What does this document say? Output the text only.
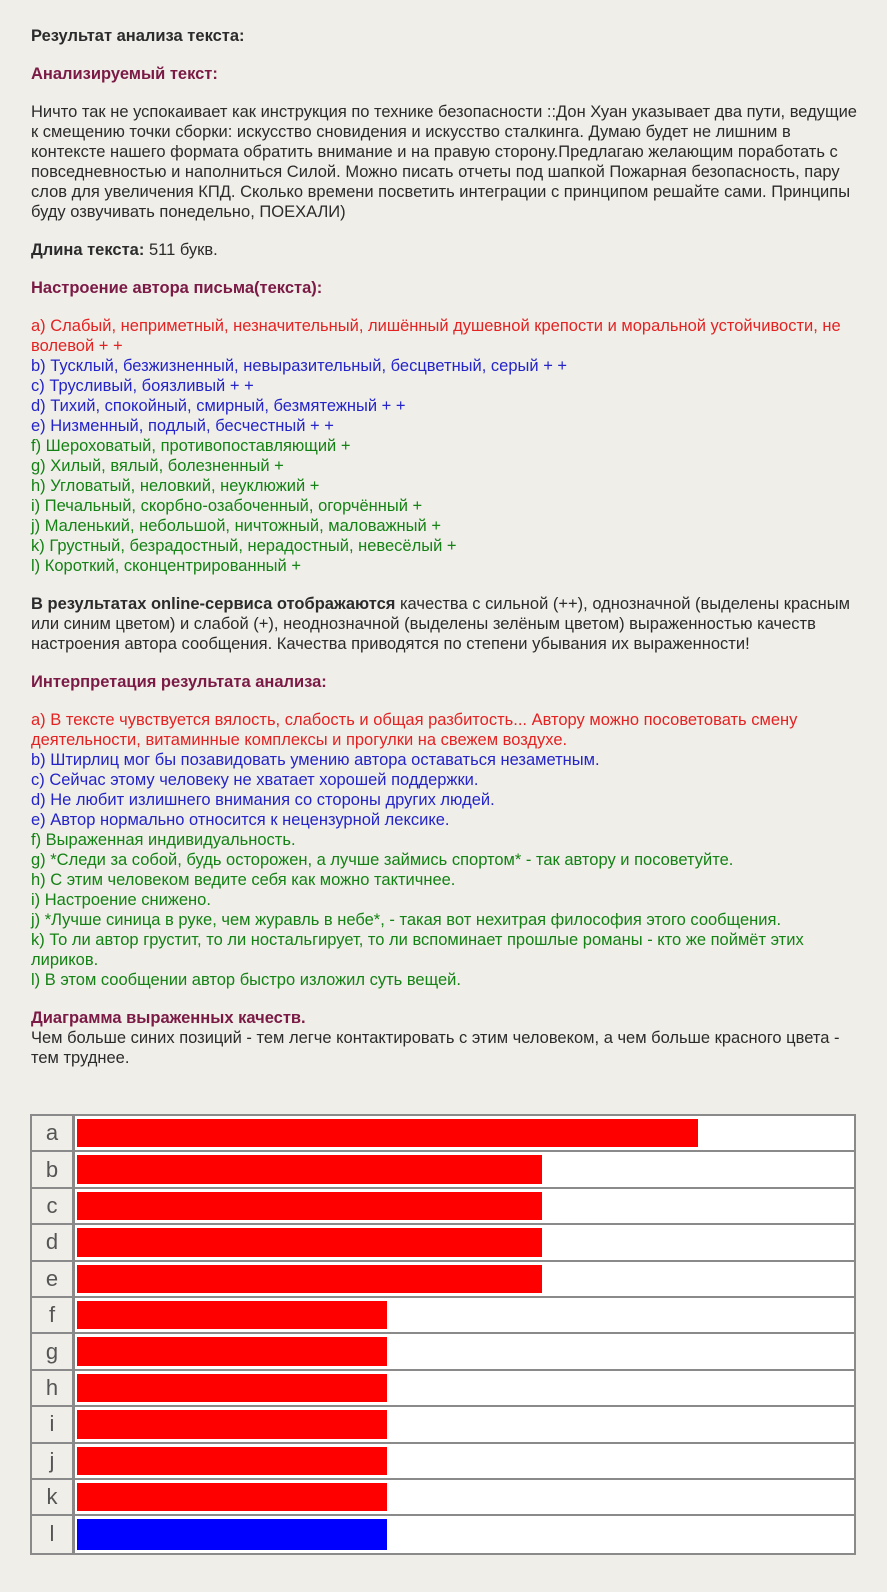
Результат анализа текста:

Анализируемый текст:

Ничто так не успокаивает как инструкция по технике безопасности ::Дон Хуан указывает два пути, ведущие к смещению точки сборки: искусство сновидения и искусство сталкинга. Думаю будет не лишним в контексте нашего формата обратить внимание и на правую сторону.Предлагаю желающим поработать с повседневностью и наполниться Силой. Можно писать отчеты под шапкой Пожарная безопасность, пару слов для увеличения КПД. Сколько времени посветить интеграции с принципом решайте сами. Принципы буду озвучивать понедельно, ПОЕХАЛИ)

Длина текста: 511 букв.

Настроение автора письма(текста):

a) Слабый, неприметный, незначительный, лишённый душевной крепости и моральной устойчивости, не волевой + +

b) Тусклый, безжизненный, невыразительный, бесцветный, серый + +

c) Трусливый, боязливый + +

d) Тихий, спокойный, смирный, безмятежный + +

e) Низменный, подлый, бесчестный + +

f) Шероховатый, противопоставляющий +

g) Хилый, вялый, болезненный +

h) Угловатый, неловкий, неуклюжий +

i) Печальный, скорбно-озабоченный, огорчённый +

j) Маленький, небольшой, ничтожный, маловажный +

k) Грустный, безрадостный, нерадостный, невесёлый +

l) Короткий, сконцентрированный +

В результатах online-сервиса отображаются качества с сильной (++), однозначной (выделены красным или синим цветом) и слабой (+), неоднозначной (выделены зелёным цветом) выраженностью качеств настроения автора сообщения. Качества приводятся по степени убывания их выраженности!

Интерпретация результата анализа:

a) В тексте чувствуется вялость, слабость и общая разбитость... Автору можно посоветовать смену деятельности, витаминные комплексы и прогулки на свежем воздухе.

b) Штирлиц мог бы позавидовать умению автора оставаться незаметным.

c) Сейчас этому человеку не хватает хорошей поддержки.

d) Не любит излишнего внимания со стороны других людей.

e) Автор нормально относится к нецензурной лексике.

f) Выраженная индивидуальность.

g) *Следи за собой, будь осторожен, а лучше займись спортом* - так автору и посоветуйте.

h) С этим человеком ведите себя как можно тактичнее.

i) Настроение снижено.

j) *Лучше синица в руке, чем журавль в небе*, - такая вот нехитрая философия этого сообщения.

k) То ли автор грустит, то ли ностальгирует, то ли вспоминает прошлые романы - кто же поймёт этих лириков.

l) В этом сообщении автор быстро изложил суть вещей.

Диаграмма выраженных качеств.

Чем больше синих позиций - тем легче контактировать с этим человеком, а чем больше красного цвета - тем труднее.

a
b
c
d
e
f
g
h
i
j
k
l
